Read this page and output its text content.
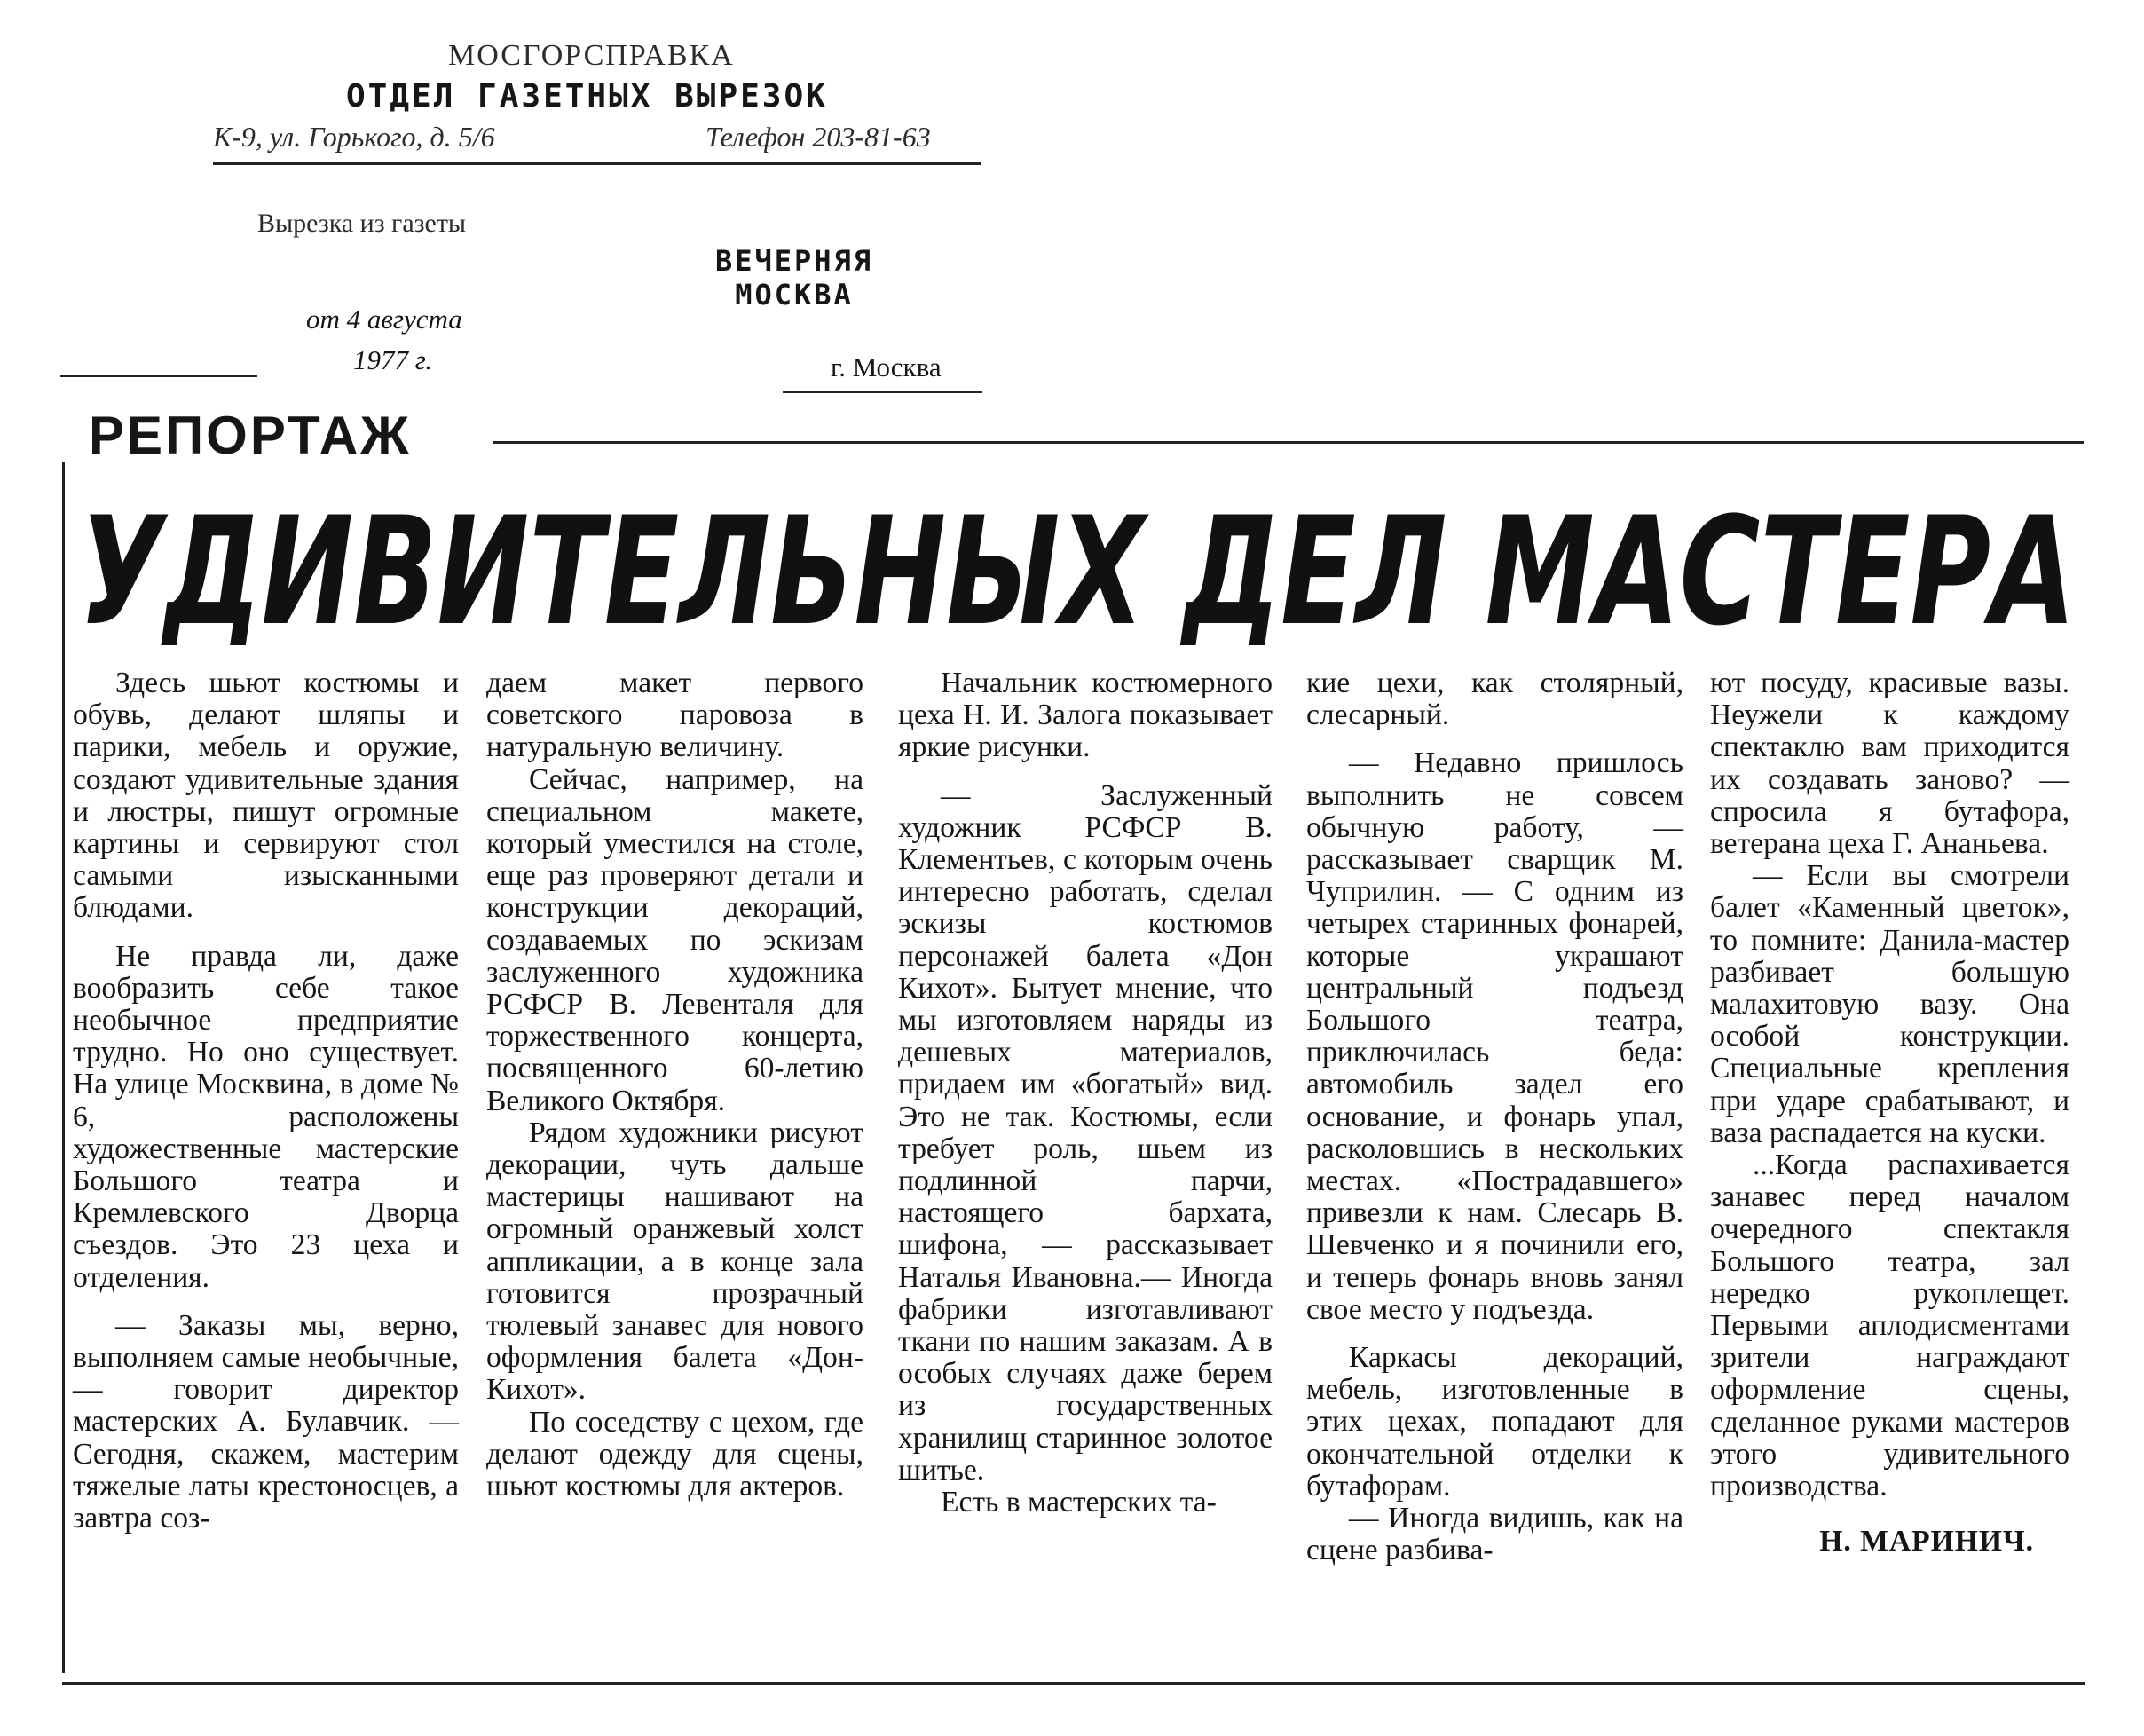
МОСГОРСПРАВКА
ОТДЕЛ ГАЗЕТНЫХ ВЫРЕЗОК
К-9, ул. Горького, д. 5/6	Телефон 203-81-63
Вырезка из газеты
ВЕЧЕРНЯЯ
МОСКВА
от 4 августа
1977 г.	г. Москва
РЕПОРТАЖ
УДИВИТЕЛЬНЫХ ДЕЛ МАСТЕРА

Здесь шьют костюмы и обувь, делают шляпы и парики, мебель и оружие, создают удивительные здания и люстры, пишут огромные картины и сервируют стол самыми изысканными блюдами.

Не правда ли, даже вообразить себе такое необычное предприятие трудно. Но оно существует. На улице Москвина, в доме № 6, расположены художественные мастерские Большого театра и Кремлевского Дворца съездов. Это 23 цеха и отделения.

— Заказы мы, верно, выполняем самые необычные, — говорит директор мастерских А. Булавчик. — Сегодня, скажем, мастерим тяжелые латы крестоносцев, а завтра соз-

даем макет первого советского паровоза в натуральную величину.

Сейчас, например, на специальном макете, который уместился на столе, еще раз проверяют детали и конструкции декораций, создаваемых по эскизам заслуженного художника РСФСР В. Левенталя для торжественного концерта, посвященного 60-летию Великого Октября.

Рядом художники рисуют декорации, чуть дальше мастерицы нашивают на огромный оранжевый холст аппликации, а в конце зала готовится прозрачный тюлевый занавес для нового оформления балета «Дон-Кихот».

По соседству с цехом, где делают одежду для сцены, шьют костюмы для актеров.

Начальник костюмерного цеха Н. И. Залога показывает яркие рисунки.

— Заслуженный художник РСФСР В. Клементьев, с которым очень интересно работать, сделал эскизы костюмов персонажей балета «Дон Кихот». Бытует мнение, что мы изготовляем наряды из дешевых материалов, придаем им «богатый» вид. Это не так. Костюмы, если требует роль, шьем из подлинной парчи, настоящего бархата, шифона, — рассказывает Наталья Ивановна.— Иногда фабрики изготавливают ткани по нашим заказам. А в особых случаях даже берем из государственных хранилищ старинное золотое шитье.

Есть в мастерских та-

кие цехи, как столярный, слесарный.

— Недавно пришлось выполнить не совсем обычную работу, — рассказывает сварщик М. Чуприлин. — С одним из четырех старинных фонарей, которые украшают центральный подъезд Большого театра, приключилась беда: автомобиль задел его основание, и фонарь упал, расколовшись в нескольких местах. «Пострадавшего» привезли к нам. Слесарь В. Шевченко и я починили его, и теперь фонарь вновь занял свое место у подъезда.

Каркасы декораций, мебель, изготовленные в этих цехах, попадают для окончательной отделки к бутафорам.

— Иногда видишь, как на сцене разбива-

ют посуду, красивые вазы. Неужели к каждому спектаклю вам приходится их создавать заново? — спросила я бутафора, ветерана цеха Г. Ананьева.

— Если вы смотрели балет «Каменный цветок», то помните: Данила-мастер разбивает большую малахитовую вазу. Она особой конструкции. Специальные крепления при ударе срабатывают, и ваза распадается на куски.

...Когда распахивается занавес перед началом очередного спектакля Большого театра, зал нередко рукоплещет. Первыми аплодисментами зрители награждают оформление сцены, сделанное руками мастеров этого удивительного производства.

Н. МАРИНИЧ.
